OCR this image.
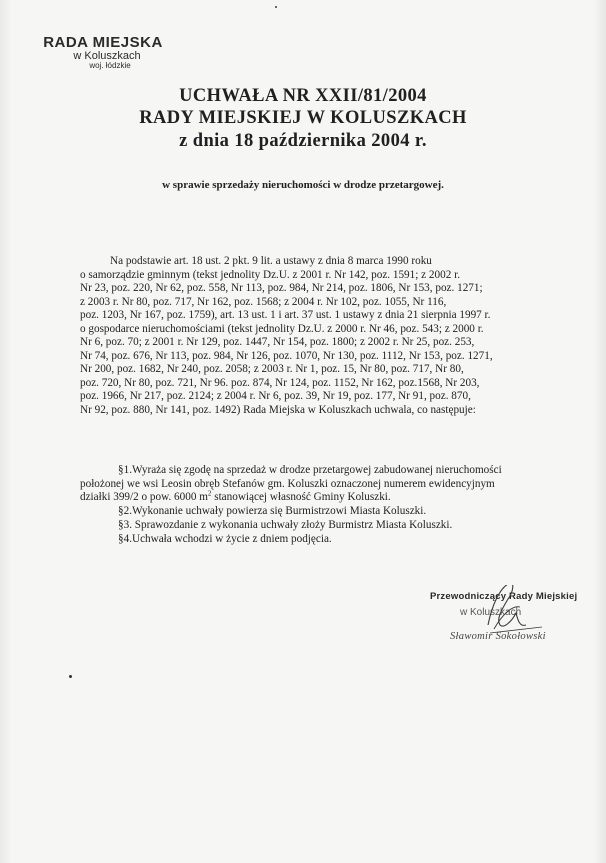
RADA MIEJSKA
w Koluszkach
woj. łódzkie
UCHWAŁA NR XXII/81/2004
RADY MIEJSKIEJ W KOLUSZKACH
z dnia 18 października 2004 r.
w sprawie sprzedaży nieruchomości w drodze przetargowej.
Na podstawie art. 18 ust. 2 pkt. 9 lit. a ustawy z dnia 8 marca 1990 roku
o samorządzie gminnym (tekst jednolity Dz.U. z 2001 r. Nr 142, poz. 1591; z 2002 r.
Nr 23, poz. 220, Nr 62, poz. 558, Nr 113, poz. 984, Nr 214, poz. 1806, Nr 153, poz. 1271;
z 2003 r. Nr 80, poz. 717, Nr 162, poz. 1568; z 2004 r. Nr 102, poz. 1055, Nr 116,
poz. 1203, Nr 167, poz. 1759), art. 13 ust. 1 i art. 37 ust. 1 ustawy z dnia 21 sierpnia 1997 r.
o gospodarce nieruchomościami (tekst jednolity Dz.U. z 2000 r. Nr 46, poz. 543; z 2000 r.
Nr 6, poz. 70; z 2001 r. Nr 129, poz. 1447, Nr 154, poz. 1800; z 2002 r. Nr 25, poz. 253,
Nr 74, poz. 676, Nr 113, poz. 984, Nr 126, poz. 1070, Nr 130, poz. 1112, Nr 153, poz. 1271,
Nr 200, poz. 1682, Nr 240, poz. 2058; z 2003 r. Nr 1, poz. 15, Nr 80, poz. 717, Nr 80,
poz. 720, Nr 80, poz. 721, Nr 96. poz. 874, Nr 124, poz. 1152, Nr 162, poz.1568, Nr 203,
poz. 1966, Nr 217, poz. 2124; z 2004 r. Nr 6, poz. 39, Nr 19, poz. 177, Nr 91, poz. 870,
Nr 92, poz. 880, Nr 141, poz. 1492) Rada Miejska w Koluszkach uchwala, co następuje:
§1.Wyraża się zgodę na sprzedaż w drodze przetargowej zabudowanej nieruchomości
położonej we wsi Leosin obręb Stefanów gm. Koluszki oznaczonej numerem ewidencyjnym
działki 399/2 o pow. 6000 $m^2$ stanowiącej własność Gminy Koluszki.
§2.Wykonanie uchwały powierza się Burmistrzowi Miasta Koluszki.
§3. Sprawozdanie z wykonania uchwały złoży Burmistrz Miasta Koluszki.
§4.Uchwała wchodzi w życie z dniem podjęcia.
Przewodniczący Rady Miejskiej
w Koluszkach
Sławomir Sokołowski
